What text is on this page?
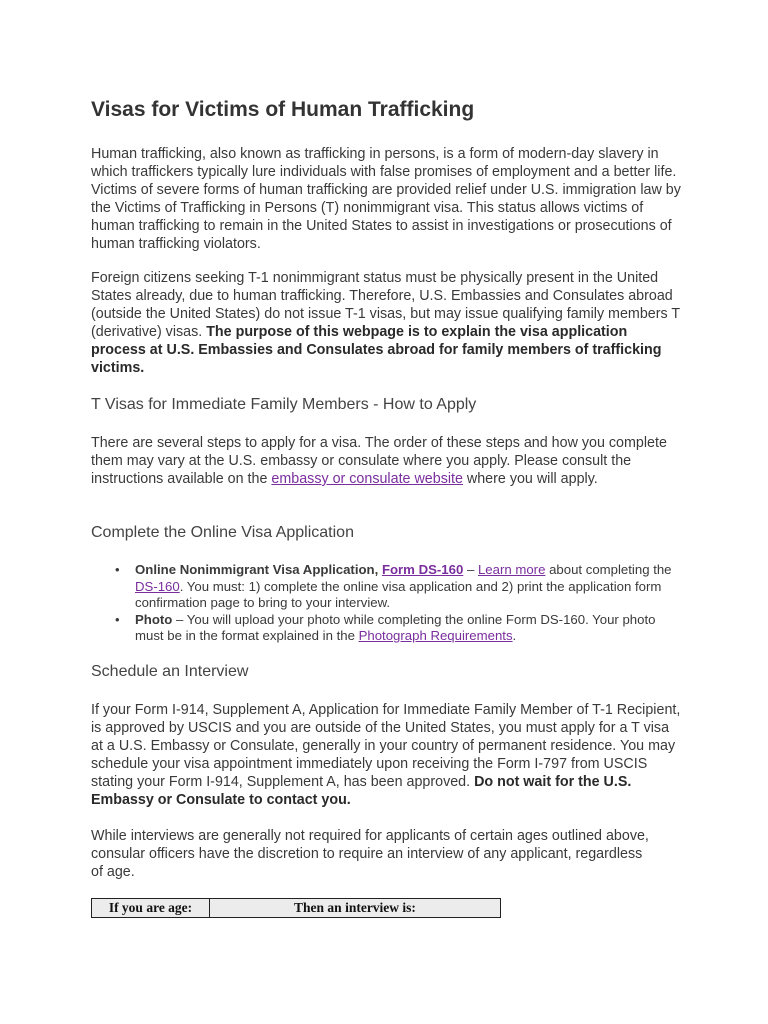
Visas for Victims of Human Trafficking

Human trafficking, also known as trafficking in persons, is a form of modern-day slavery in which traffickers typically lure individuals with false promises of employment and a better life. Victims of severe forms of human trafficking are provided relief under U.S. immigration law by the Victims of Trafficking in Persons (T) nonimmigrant visa. This status allows victims of human trafficking to remain in the United States to assist in investigations or prosecutions of human trafficking violators.

Foreign citizens seeking T-1 nonimmigrant status must be physically present in the United States already, due to human trafficking. Therefore, U.S. Embassies and Consulates abroad (outside the United States) do not issue T-1 visas, but may issue qualifying family members T (derivative) visas. The purpose of this webpage is to explain the visa application process at U.S. Embassies and Consulates abroad for family members of trafficking victims.

T Visas for Immediate Family Members - How to Apply

There are several steps to apply for a visa. The order of these steps and how you complete them may vary at the U.S. embassy or consulate where you apply. Please consult the instructions available on the embassy or consulate website where you will apply.

Complete the Online Visa Application
• Online Nonimmigrant Visa Application, Form DS-160 – Learn more about completing the DS-160. You must: 1) complete the online visa application and 2) print the application form confirmation page to bring to your interview.
• Photo – You will upload your photo while completing the online Form DS-160. Your photo must be in the format explained in the Photograph Requirements.
Schedule an Interview

If your Form I-914, Supplement A, Application for Immediate Family Member of T-1 Recipient, is approved by USCIS and you are outside of the United States, you must apply for a T visa at a U.S. Embassy or Consulate, generally in your country of permanent residence. You may schedule your visa appointment immediately upon receiving the Form I-797 from USCIS stating your Form I-914, Supplement A, has been approved. Do not wait for the U.S. Embassy or Consulate to contact you.

While interviews are generally not required for applicants of certain ages outlined above, consular officers have the discretion to require an interview of any applicant, regardless of age.

If you are age:	Then an interview is:
